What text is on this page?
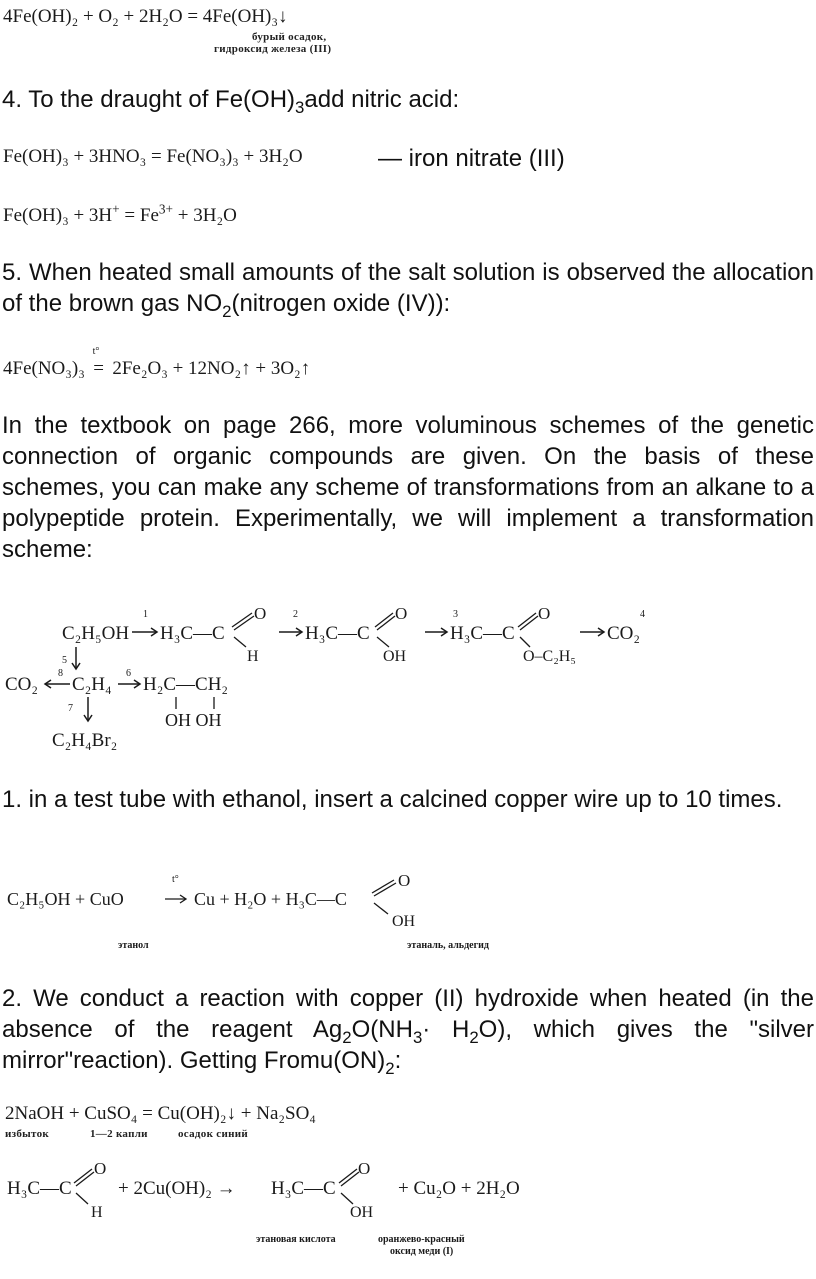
4Fe(OH)₂ + O₂ + 2H₂O = 4Fe(OH)₃↓
бурый осадок,
гидроксид железа (III)
4. To the draught of $Fe(OH)_3add$ nitric acid:
Fe(OH)₃ + 3HNO₃ = Fe(NO₃)₃ + 3H₂O	— iron nitrate (III)
$Fe(OH)_3 + 3H^+ = Fe^{3+} + 3H_2O$
5. When heated small amounts of the salt solution is observed the allocation of the brown gas $NO_2(nitrogen$ oxide (IV)):
4Fe(NO₃)₃
t°
= 2Fe₂O₃ + 12NO₂↑ + 3O₂↑
In the textbook on page 266, more voluminous schemes of the genetic connection of organic compounds are given. On the basis of these schemes, you can make any scheme of transformations from an alkane to a polypeptide protein. Experimentally, we will implement a transformation scheme:
C₂H₅OH
1
H₃C—C
O
H
2
H₃C—C
O
OH
3
H₃C—C
O
O–C₂H₅
4
CO₂
5
CO₂
8
C₂H₄
6
H₂C—CH₂
OH OH
7
C₂H₄Br₂
1. in a test tube with ethanol, insert a calcined copper wire up to 10 times.
C₂H₅OH + CuO
t°
Cu + H₂O + H₃C—C
O
OH
этанол	этаналь, альдегид
2. We conduct a reaction with copper (II) hydroxide when heated (in the absence of the reagent $Ag_2O(NH_3\cdot H_2O)$, which gives the "silver mirror"reaction). Getting $Fromu(ON)_2$:
2NaOH + CuSO₄ = Cu(OH)₂↓ + Na₂SO₄
избыток	1—2 капли	осадок синий
H₃C—C
O
H
+ 2Cu(OH)₂ → H₃C—C
O
OH
+ Cu₂O + 2H₂O
этановая кислота	оранжево-красный
оксид меди (I)
